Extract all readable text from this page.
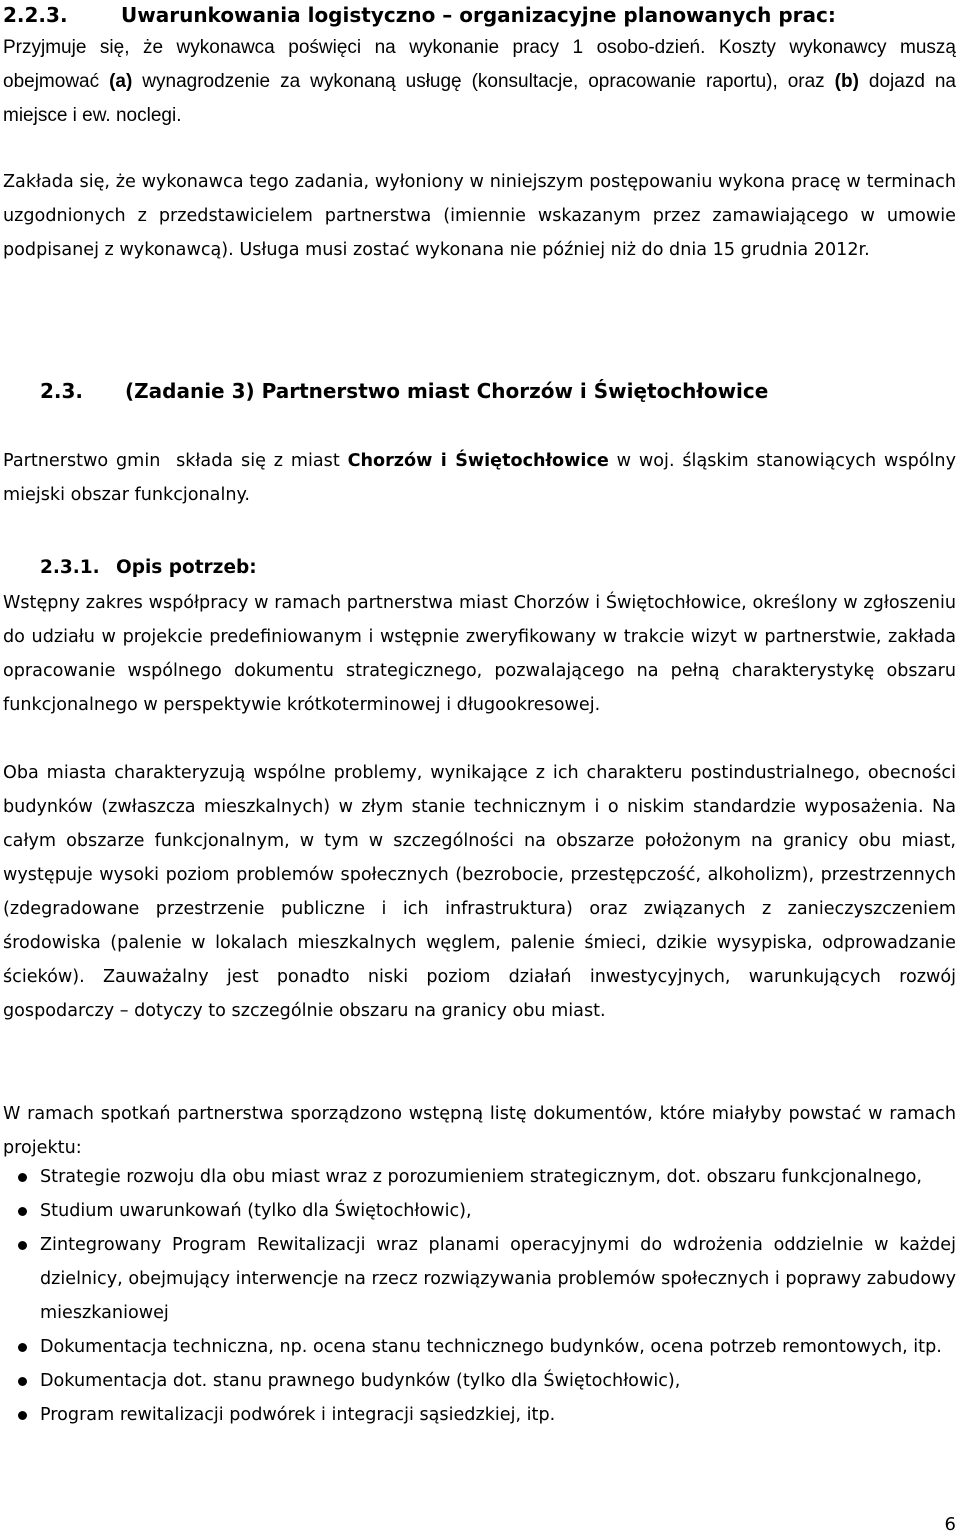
2.2.3.	Uwarunkowania logistyczno – organizacyjne planowanych prac:
Przyjmuje się, że wykonawca poświęci na wykonanie pracy 1 osobo-dzień. Koszty wykonawcy muszą obejmować (a) wynagrodzenie za wykonaną usługę (konsultacje, opracowanie raportu), oraz (b) dojazd na miejsce i ew. noclegi.
Zakłada się, że wykonawca tego zadania, wyłoniony w niniejszym postępowaniu wykona pracę w terminach uzgodnionych z przedstawicielem partnerstwa (imiennie wskazanym przez zamawiającego w umowie podpisanej z wykonawcą). Usługa musi zostać wykonana nie później niż do dnia 15 grudnia 2012r.
2.3. (Zadanie 3) Partnerstwo miast Chorzów i Świętochłowice
Partnerstwo gmin  składa się z miast Chorzów i Świętochłowice w woj. śląskim stanowiących wspólny miejski obszar funkcjonalny.
2.3.1. Opis potrzeb:
Wstępny zakres współpracy w ramach partnerstwa miast Chorzów i Świętochłowice, określony w zgłoszeniu do udziału w projekcie predefiniowanym i wstępnie zweryfikowany w trakcie wizyt w partnerstwie, zakłada opracowanie wspólnego dokumentu strategicznego, pozwalającego na pełną charakterystykę obszaru funkcjonalnego w perspektywie krótkoterminowej i długookresowej.
Oba miasta charakteryzują wspólne problemy, wynikające z ich charakteru postindustrialnego, obecności budynków (zwłaszcza mieszkalnych) w złym stanie technicznym i o niskim standardzie wyposażenia. Na całym obszarze funkcjonalnym, w tym w szczególności na obszarze położonym na granicy obu miast, występuje wysoki poziom problemów społecznych (bezrobocie, przestępczość, alkoholizm), przestrzennych (zdegradowane przestrzenie publiczne i ich infrastruktura) oraz związanych z zanieczyszczeniem środowiska (palenie w lokalach mieszkalnych węglem, palenie śmieci, dzikie wysypiska, odprowadzanie ścieków). Zauważalny jest ponadto niski poziom działań inwestycyjnych, warunkujących rozwój gospodarczy – dotyczy to szczególnie obszaru na granicy obu miast.
W ramach spotkań partnerstwa sporządzono wstępną listę dokumentów, które miałyby powstać w ramach projektu:
Strategie rozwoju dla obu miast wraz z porozumieniem strategicznym, dot. obszaru funkcjonalnego,
Studium uwarunkowań (tylko dla Świętochłowic),
Zintegrowany Program Rewitalizacji wraz planami operacyjnymi do wdrożenia oddzielnie w każdej dzielnicy, obejmujący interwencje na rzecz rozwiązywania problemów społecznych i poprawy zabudowy mieszkaniowej
Dokumentacja techniczna, np. ocena stanu technicznego budynków, ocena potrzeb remontowych, itp.
Dokumentacja dot. stanu prawnego budynków (tylko dla Świętochłowic),
Program rewitalizacji podwórek i integracji sąsiedzkiej, itp.
6
